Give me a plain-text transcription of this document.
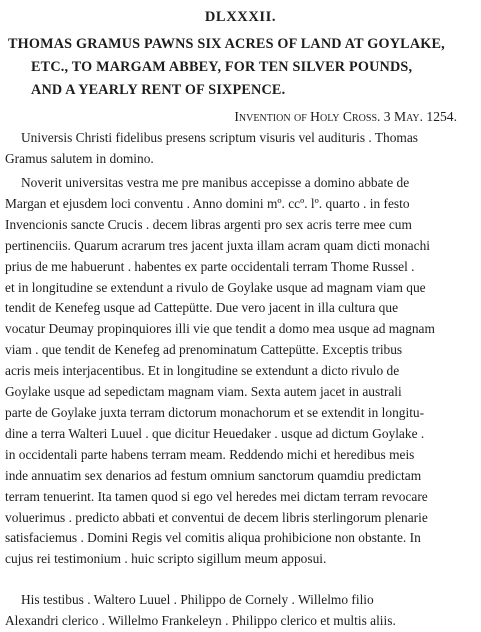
DLXXXII.
THOMAS GRAMUS PAWNS SIX ACRES OF LAND AT GOYLAKE,
ETC., TO MARGAM ABBEY, FOR TEN SILVER POUNDS,
AND A YEARLY RENT OF SIXPENCE.
Invention of Holy Cross. 3 May. 1254.
Universis Christi fidelibus presens scriptum visuris vel audituris . Thomas
Gramus salutem in domino.
Noverit universitas vestra me pre manibus accepisse a domino abbate de
Margan et ejusdem loci conventu . Anno domini mº. ccº. lº. quarto . in festo
Invencionis sancte Crucis . decem libras argenti pro sex acris terre mee cum
pertinenciis. Quarum acrarum tres jacent juxta illam acram quam dicti monachi
prius de me habuerunt . habentes ex parte occidentali terram Thome Russel .
et in longitudine se extendunt a rivulo de Goylake usque ad magnam viam que
tendit de Kenefeg usque ad Cattepütte. Due vero jacent in illa cultura que
vocatur Deumay propinquiores illi vie que tendit a domo mea usque ad magnam
viam . que tendit de Kenefeg ad prenominatum Cattepütte. Exceptis tribus
acris meis interjacentibus. Et in longitudine se extendunt a dicto rivulo de
Goylake usque ad sepedictam magnam viam. Sexta autem jacet in australi
parte de Goylake juxta terram dictorum monachorum et se extendit in longitu-
dine a terra Walteri Luuel . que dicitur Heuedaker . usque ad dictum Goylake .
in occidentali parte habens terram meam. Reddendo michi et heredibus meis
inde annuatim sex denarios ad festum omnium sanctorum quamdiu predictam
terram tenuerint. Ita tamen quod si ego vel heredes mei dictam terram revocare
voluerimus . predicto abbati et conventui de decem libris sterlingorum plenarie
satisfaciemus . Domini Regis vel comitis aliqua prohibicione non obstante. In
cujus rei testimonium . huic scripto sigillum meum apposui.
His testibus . Waltero Luuel . Philippo de Cornely . Willelmo filio
Alexandri clerico . Willelmo Frankeleyn . Philippo clerico et multis aliis.
